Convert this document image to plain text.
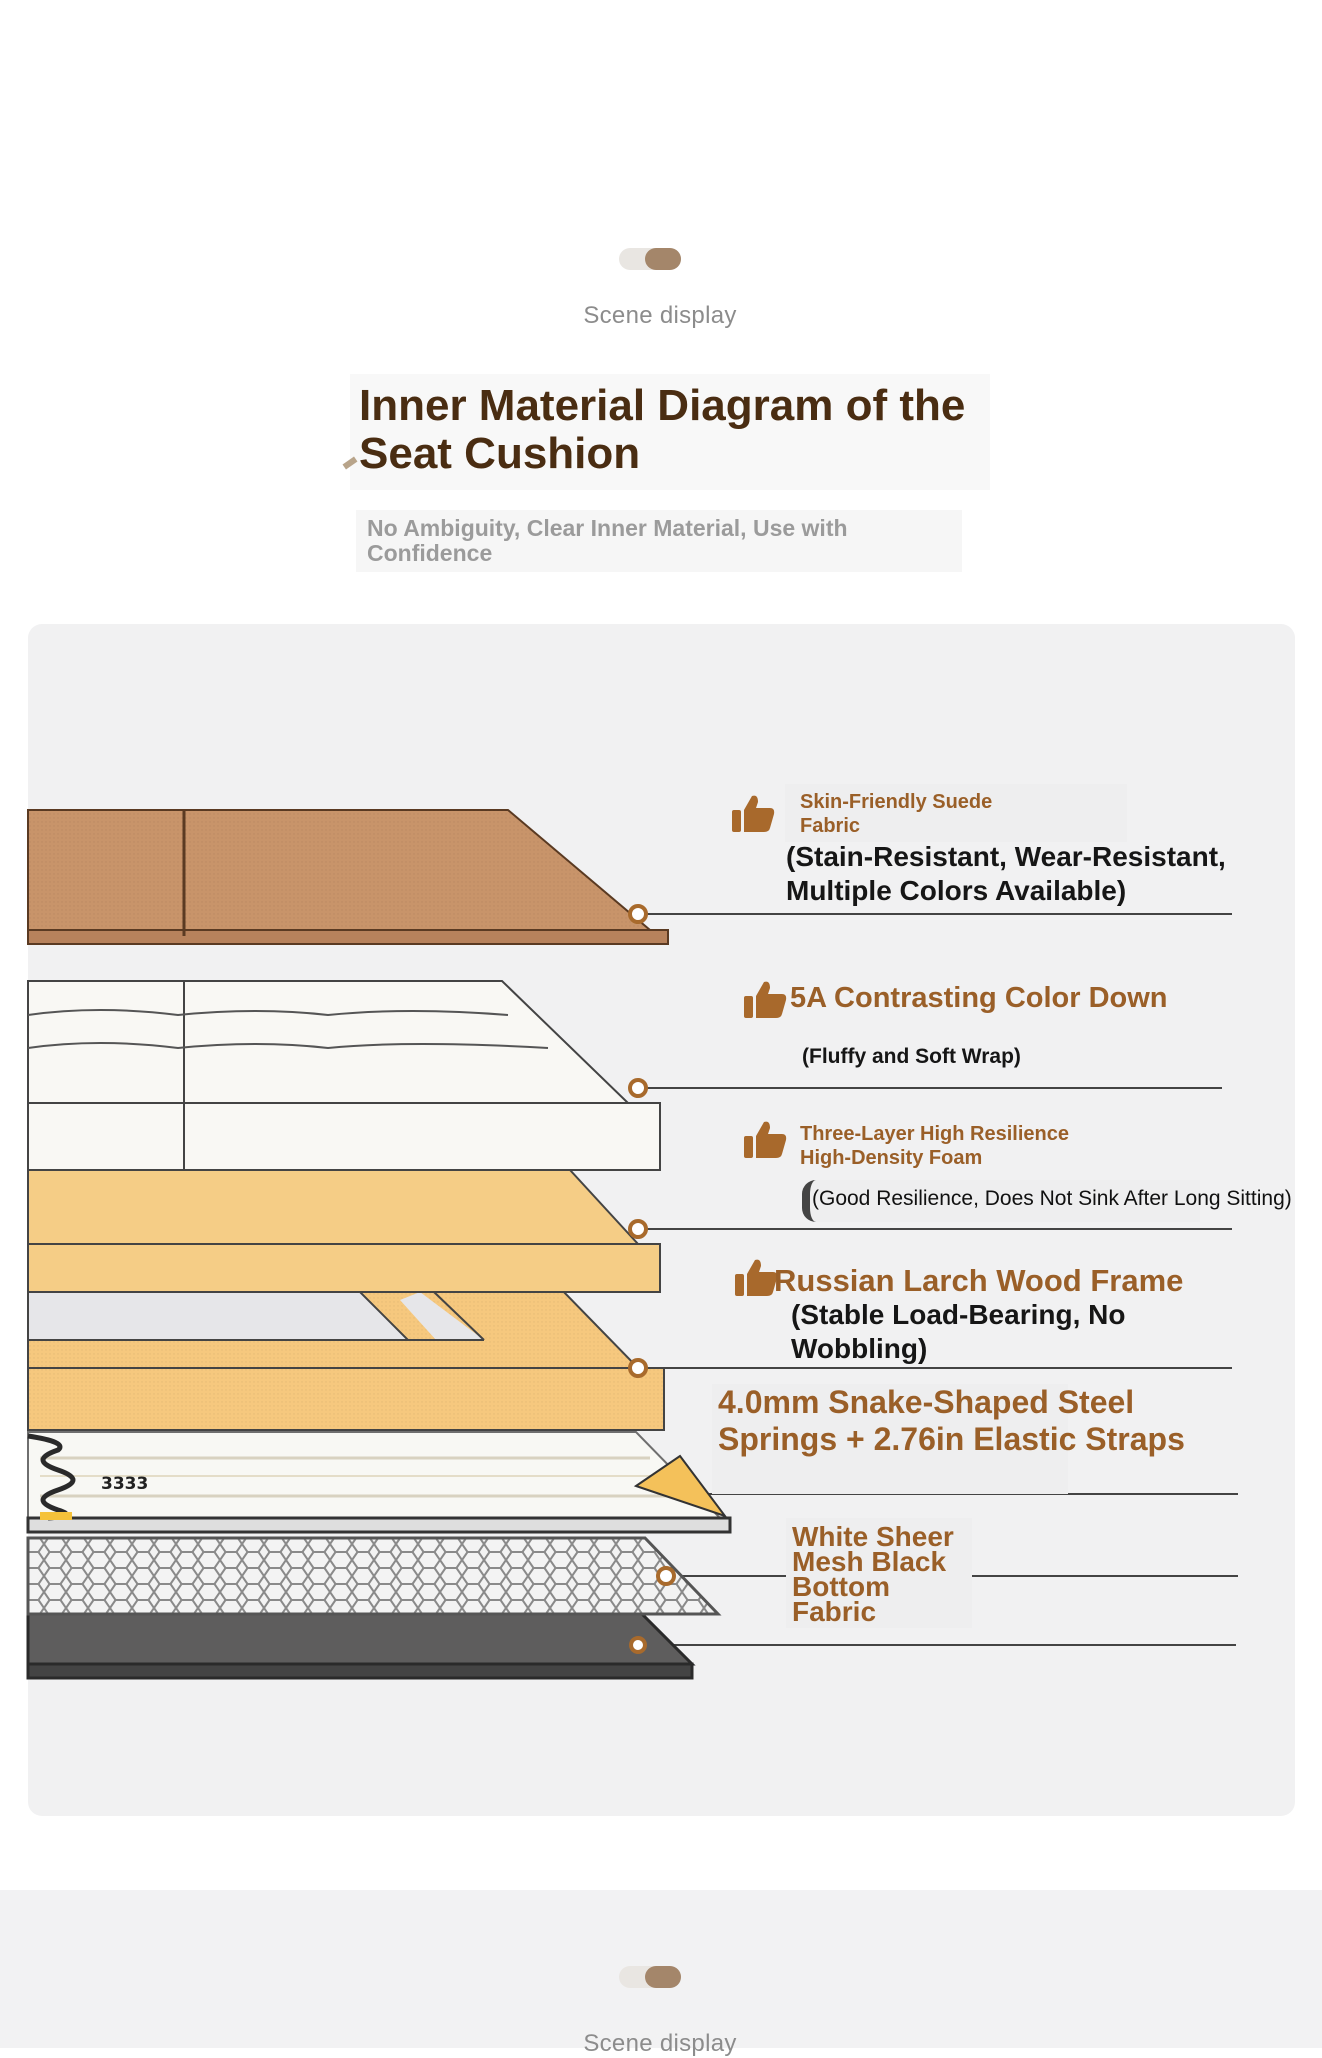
Scene display
Inner Material Diagram of the Seat Cushion
No Ambiguity, Clear Inner Material, Use with Confidence
3333
Skin-Friendly Suede Fabric
(Stain-Resistant, Wear-Resistant, Multiple Colors Available)
5A Contrasting Color Down
(Fluffy and Soft Wrap)
Three-Layer High Resilience High-Density Foam
(Good Resilience, Does Not Sink After Long Sitting)
Russian Larch Wood Frame
(Stable Load-Bearing, No Wobbling)
4.0mm Snake-Shaped Steel Springs + 2.76in Elastic Straps
White Sheer Mesh Black Bottom Fabric
Scene display
